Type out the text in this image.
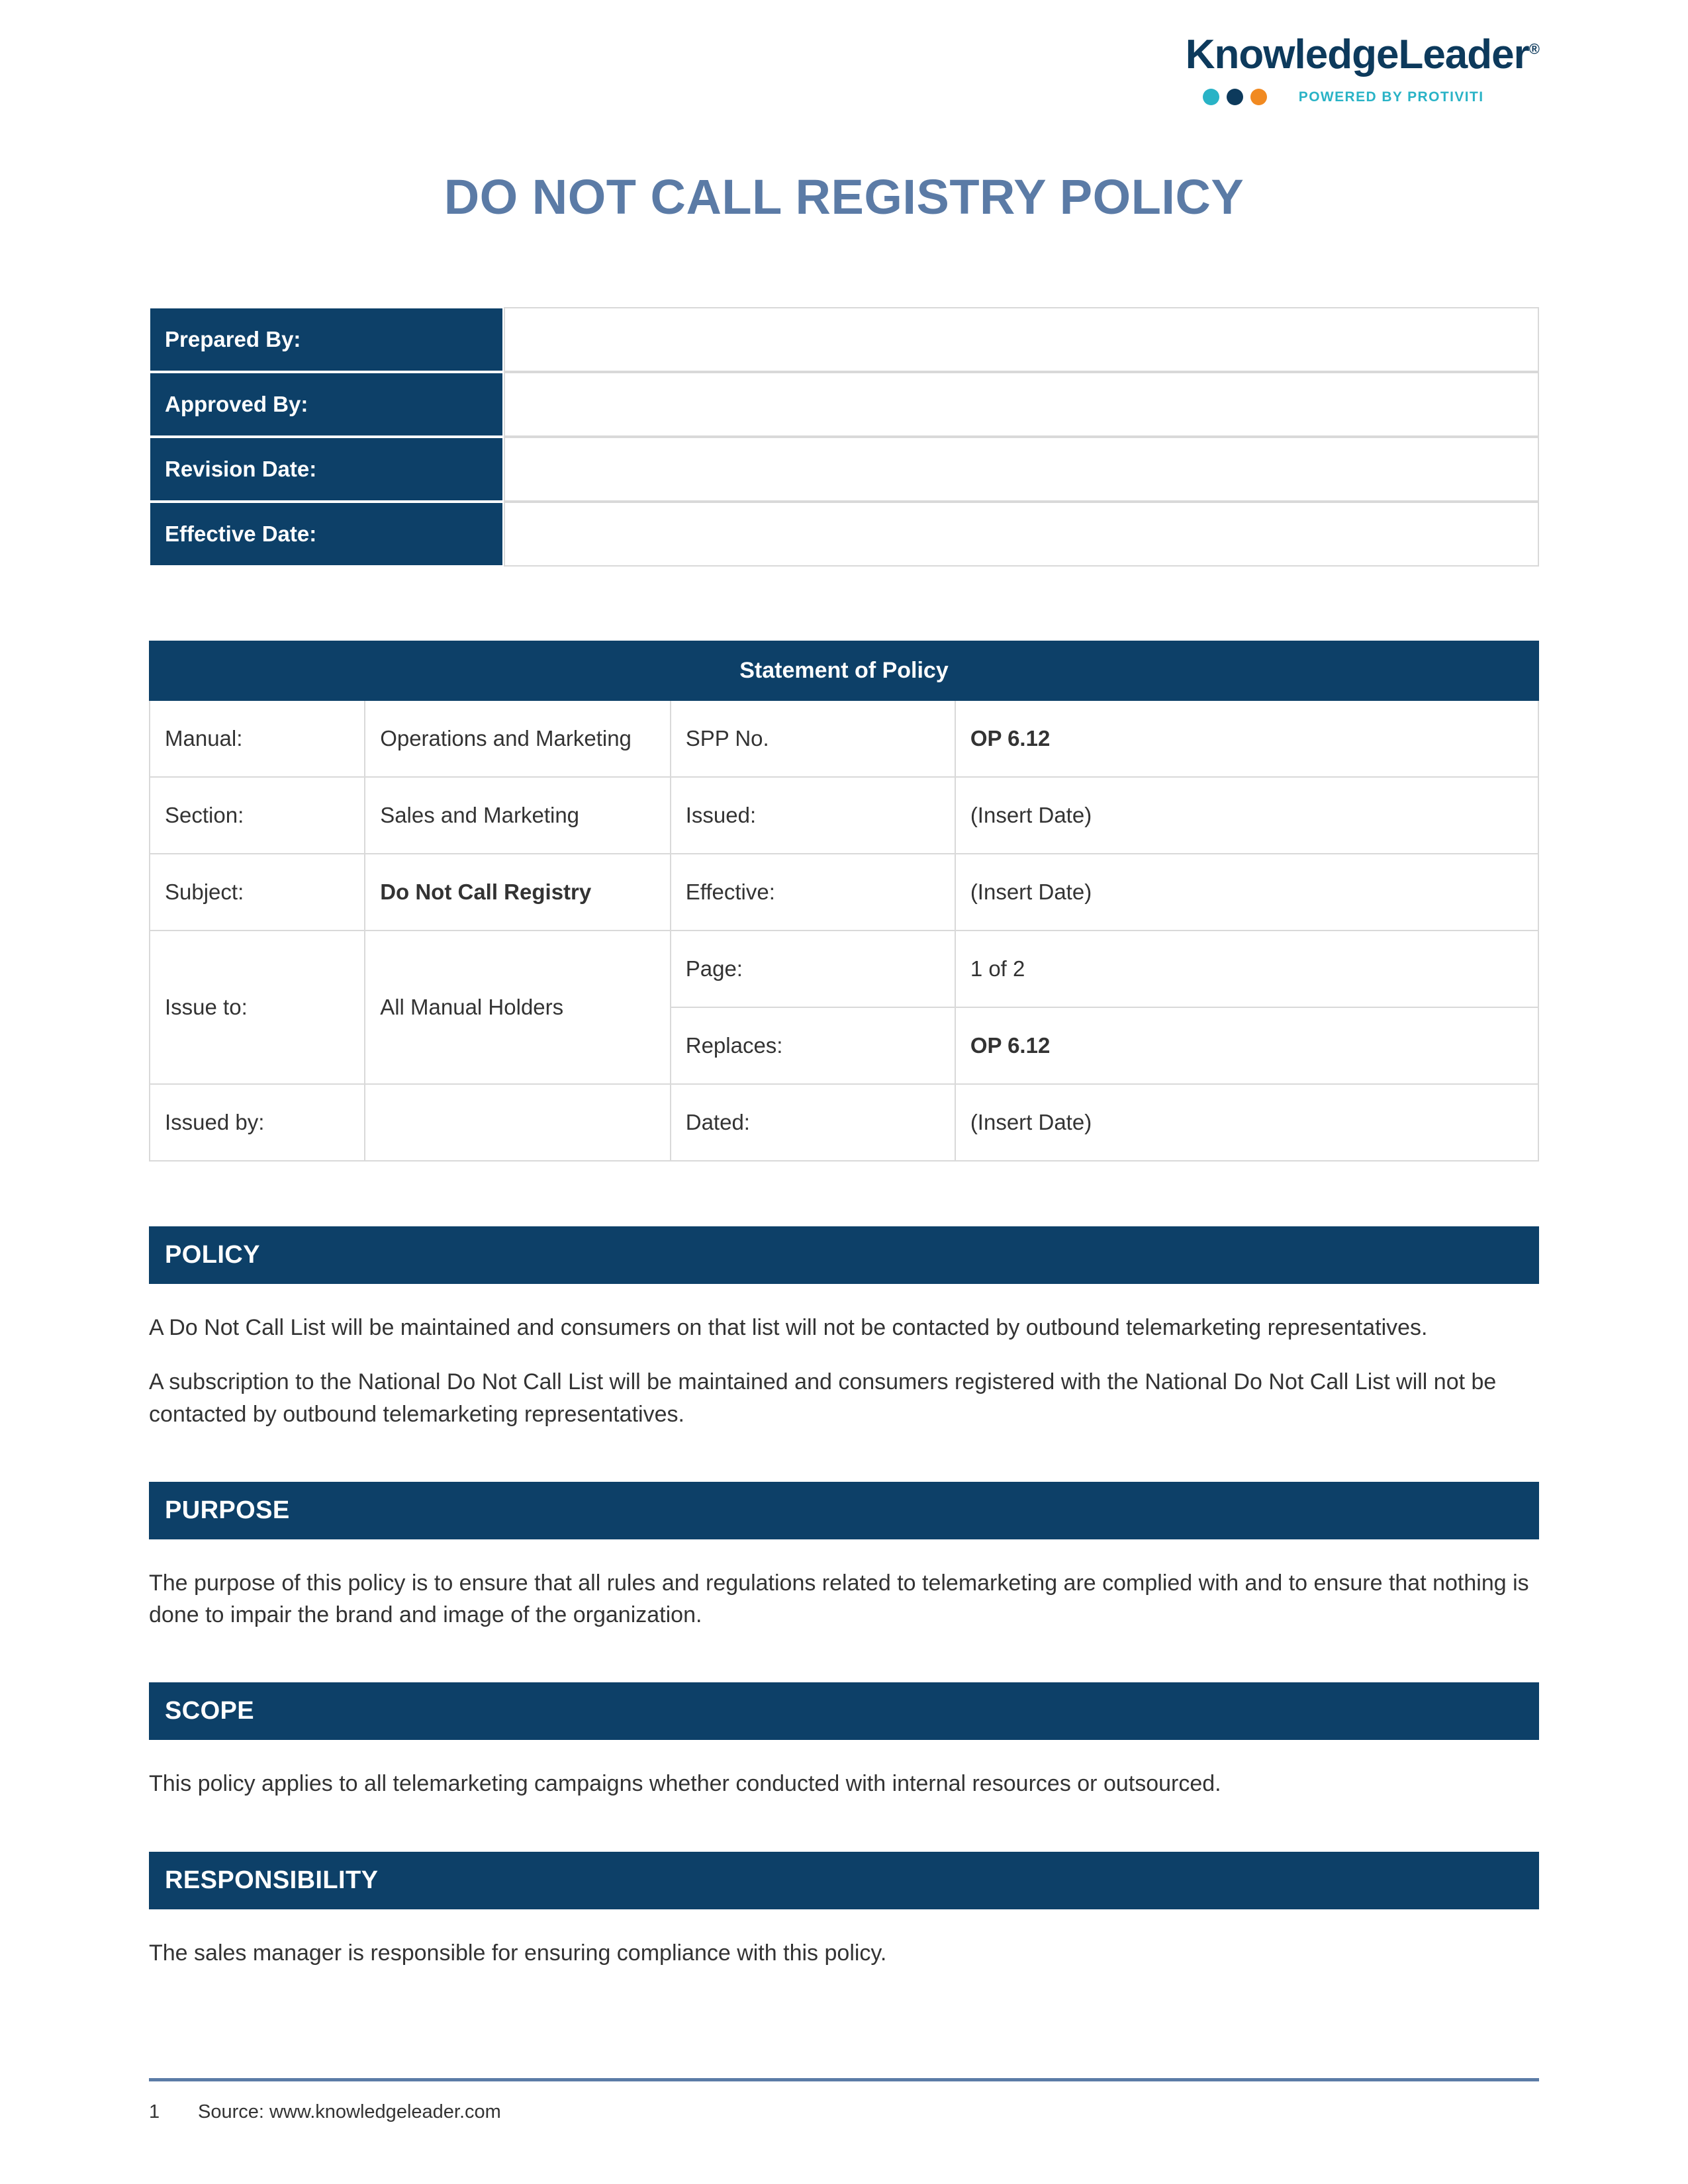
KnowledgeLeader®
POWERED BY PROTIVITI
DO NOT CALL REGISTRY POLICY
Prepared By:	
Approved By:	
Revision Date:	
Effective Date:	
Statement of Policy			
Manual:	Operations and Marketing	SPP No.	OP 6.12
Section:	Sales and Marketing	Issued:	(Insert Date)
Subject:	Do Not Call Registry	Effective:	(Insert Date)
Issue to:	All Manual Holders	Page:	1 of 2
		Replaces:	OP 6.12
Issued by:		Dated:	(Insert Date)
POLICY

A Do Not Call List will be maintained and consumers on that list will not be contacted by outbound telemarketing representatives.

A subscription to the National Do Not Call List will be maintained and consumers registered with the National Do Not Call List will not be contacted by outbound telemarketing representatives.

PURPOSE

The purpose of this policy is to ensure that all rules and regulations related to telemarketing are complied with and to ensure that nothing is done to impair the brand and image of the organization.

SCOPE

This policy applies to all telemarketing campaigns whether conducted with internal resources or outsourced.

RESPONSIBILITY

The sales manager is responsible for ensuring compliance with this policy.

1	Source: www.knowledgeleader.com
